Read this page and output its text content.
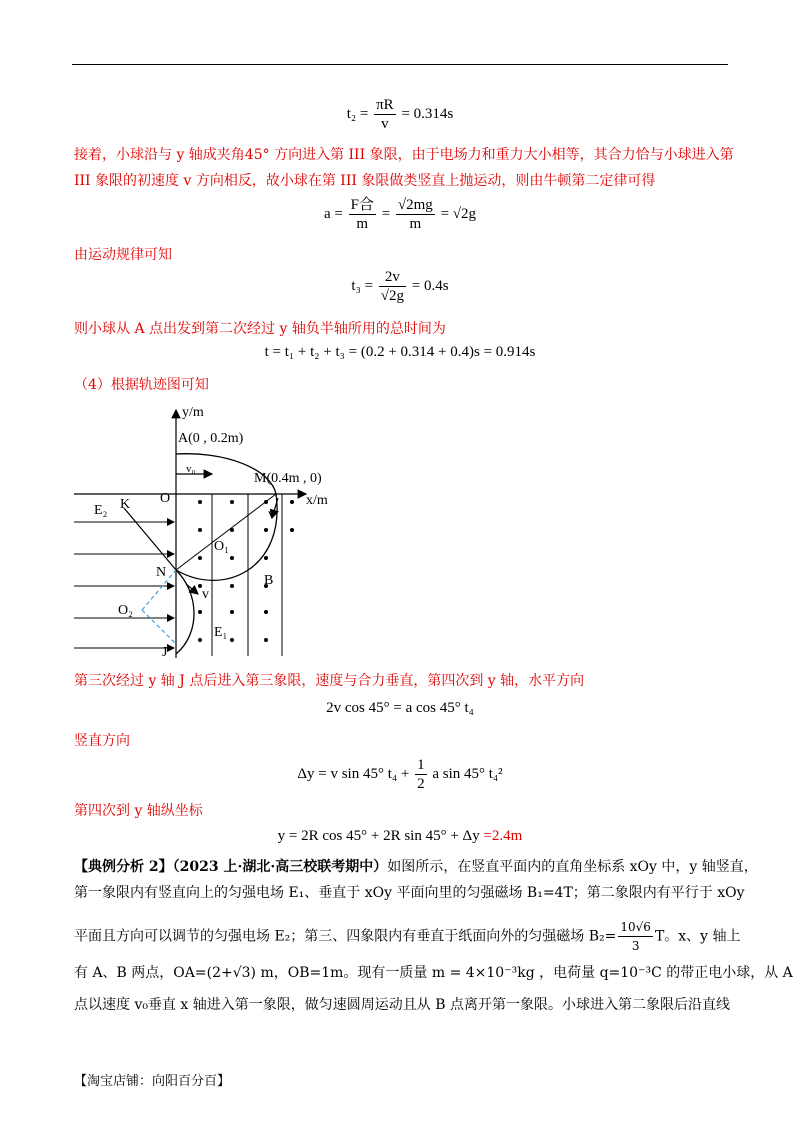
$t_2 = \frac{\pi R}{v} = 0.314s$
接着，小球沿与 y 轴成夹角45° 方向进入第 III 象限，由于电场力和重力大小相等，其合力恰与小球进入第
III 象限的初速度 v 方向相反，故小球在第 III 象限做类竖直上抛运动，则由牛顿第二定律可得
$a = \frac{\text{F合}}{m} = \frac{√2mg}{m} = √2g$
由运动规律可知
$t_3 = \frac{2v}{√2g} = 0.4s$
则小球从 A 点出发到第二次经过 y 轴负半轴所用的总时间为
t = t₁ + t₂ + t₃ = (0.2 + 0.314 + 0.4)s = 0.914s
（4）根据轨迹图可知
y/m
A(0 , 0.2m)
v₀
M(0.4m , 0)
x/m
O
E₂ K
v
O₁
N
B
v
O₂
E₁
J
第三次经过 y 轴 J 点后进入第三象限，速度与合力垂直，第四次到 y 轴，水平方向
2v cos 45° = a cos 45° t₄
竖直方向
Δy = v sin 45° $t_4 + \frac{1}{2}$ a sin 45° t₄²
第四次到 y 轴纵坐标
y = 2R cos 45° + 2R sin 45° + Δy =2.4m
【典例分析 2】（2023 上·湖北·高三校联考期中）如图所示，在竖直平面内的直角坐标系 xOy 中，y 轴竖直，
第一象限内有竖直向上的匀强电场 E₁、垂直于 xOy 平面向里的匀强磁场 B₁=4T；第二象限内有平行于 xOy
平面且方向可以调节的匀强电场 E₂；第三、四象限内有垂直于纸面向外的匀强磁场 $B_2= \frac{10√6}{3}$ T。x、y 轴上
有 A、B 两点，OA=(2+√3) m，OB=1m。现有一质量 m = 4×10⁻³kg ，电荷量 q=10⁻³C 的带正电小球，从 A
点以速度 v₀垂直 x 轴进入第一象限，做匀速圆周运动且从 B 点离开第一象限。小球进入第二象限后沿直线
【淘宝店铺：向阳百分百】
